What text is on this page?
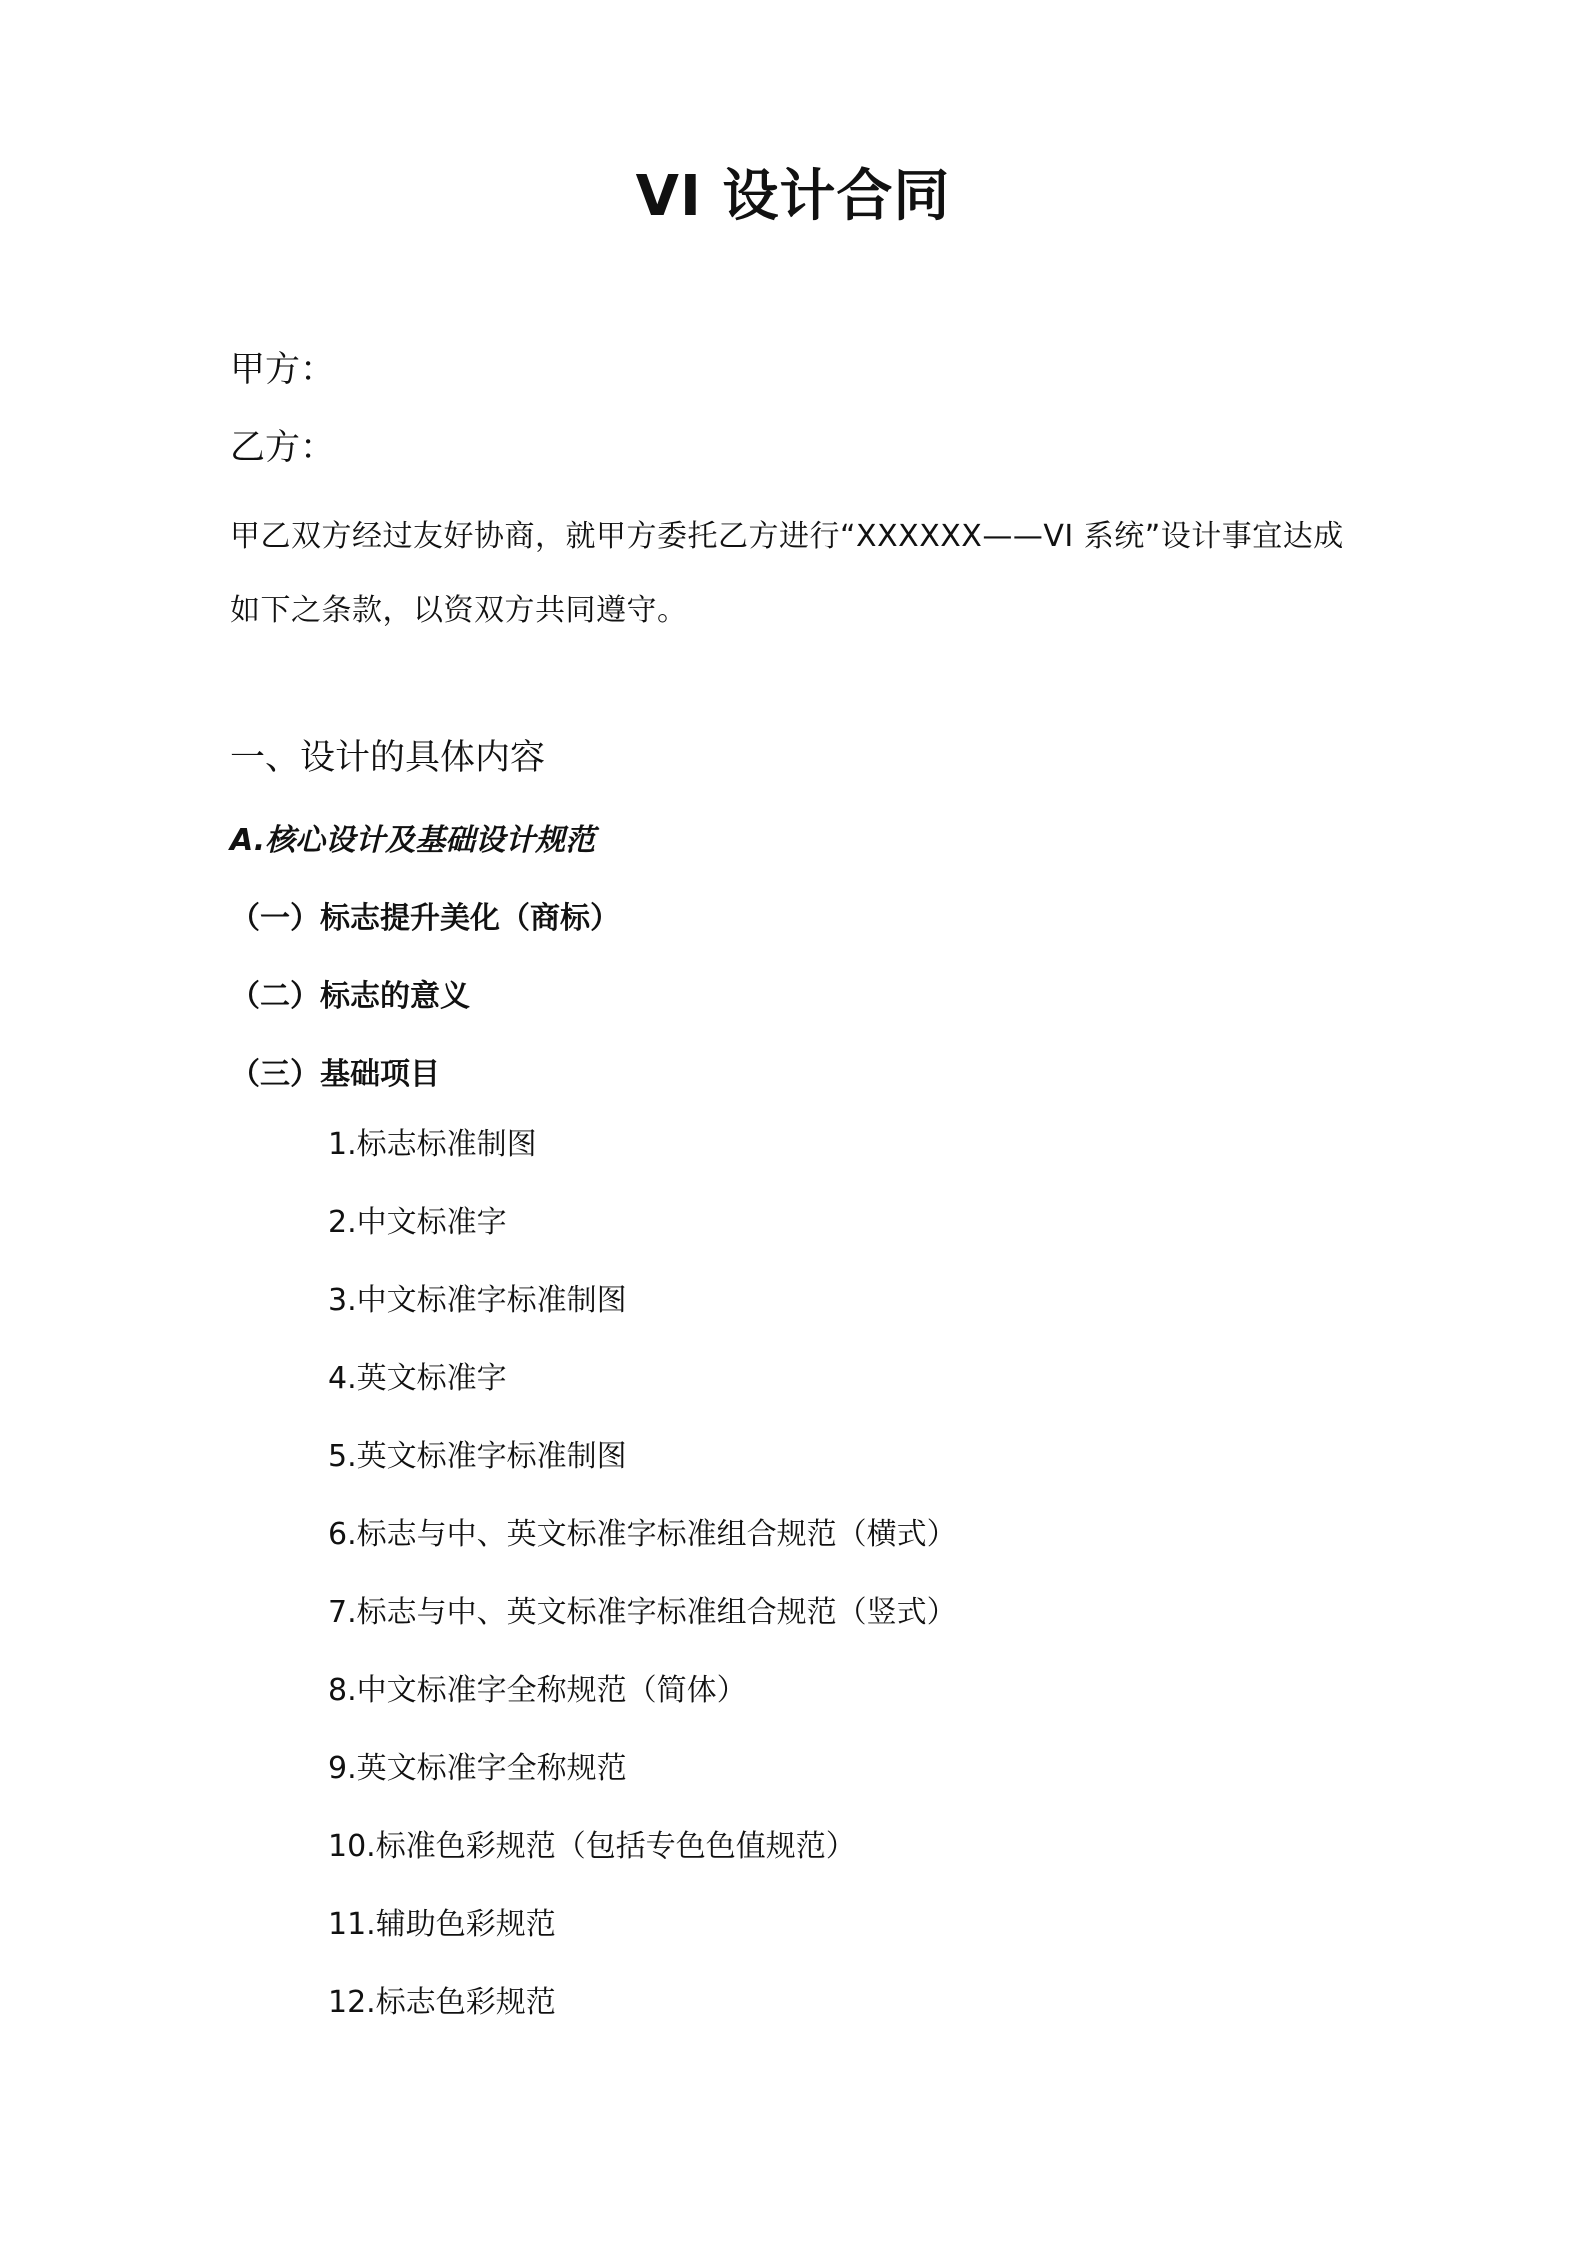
VI 设计合同
甲方：
乙方：
甲乙双方经过友好协商，就甲方委托乙方进行“XXXXXX——VI 系统”设计事宜达成如下之条款，以资双方共同遵守。
一、设计的具体内容
A.核心设计及基础设计规范
（一）标志提升美化（商标）
（二）标志的意义
（三）基础项目
1.标志标准制图
2.中文标准字
3.中文标准字标准制图
4.英文标准字
5.英文标准字标准制图
6.标志与中、英文标准字标准组合规范（横式）
7.标志与中、英文标准字标准组合规范（竖式）
8.中文标准字全称规范（简体）
9.英文标准字全称规范
10.标准色彩规范（包括专色色值规范）
11.辅助色彩规范
12.标志色彩规范
